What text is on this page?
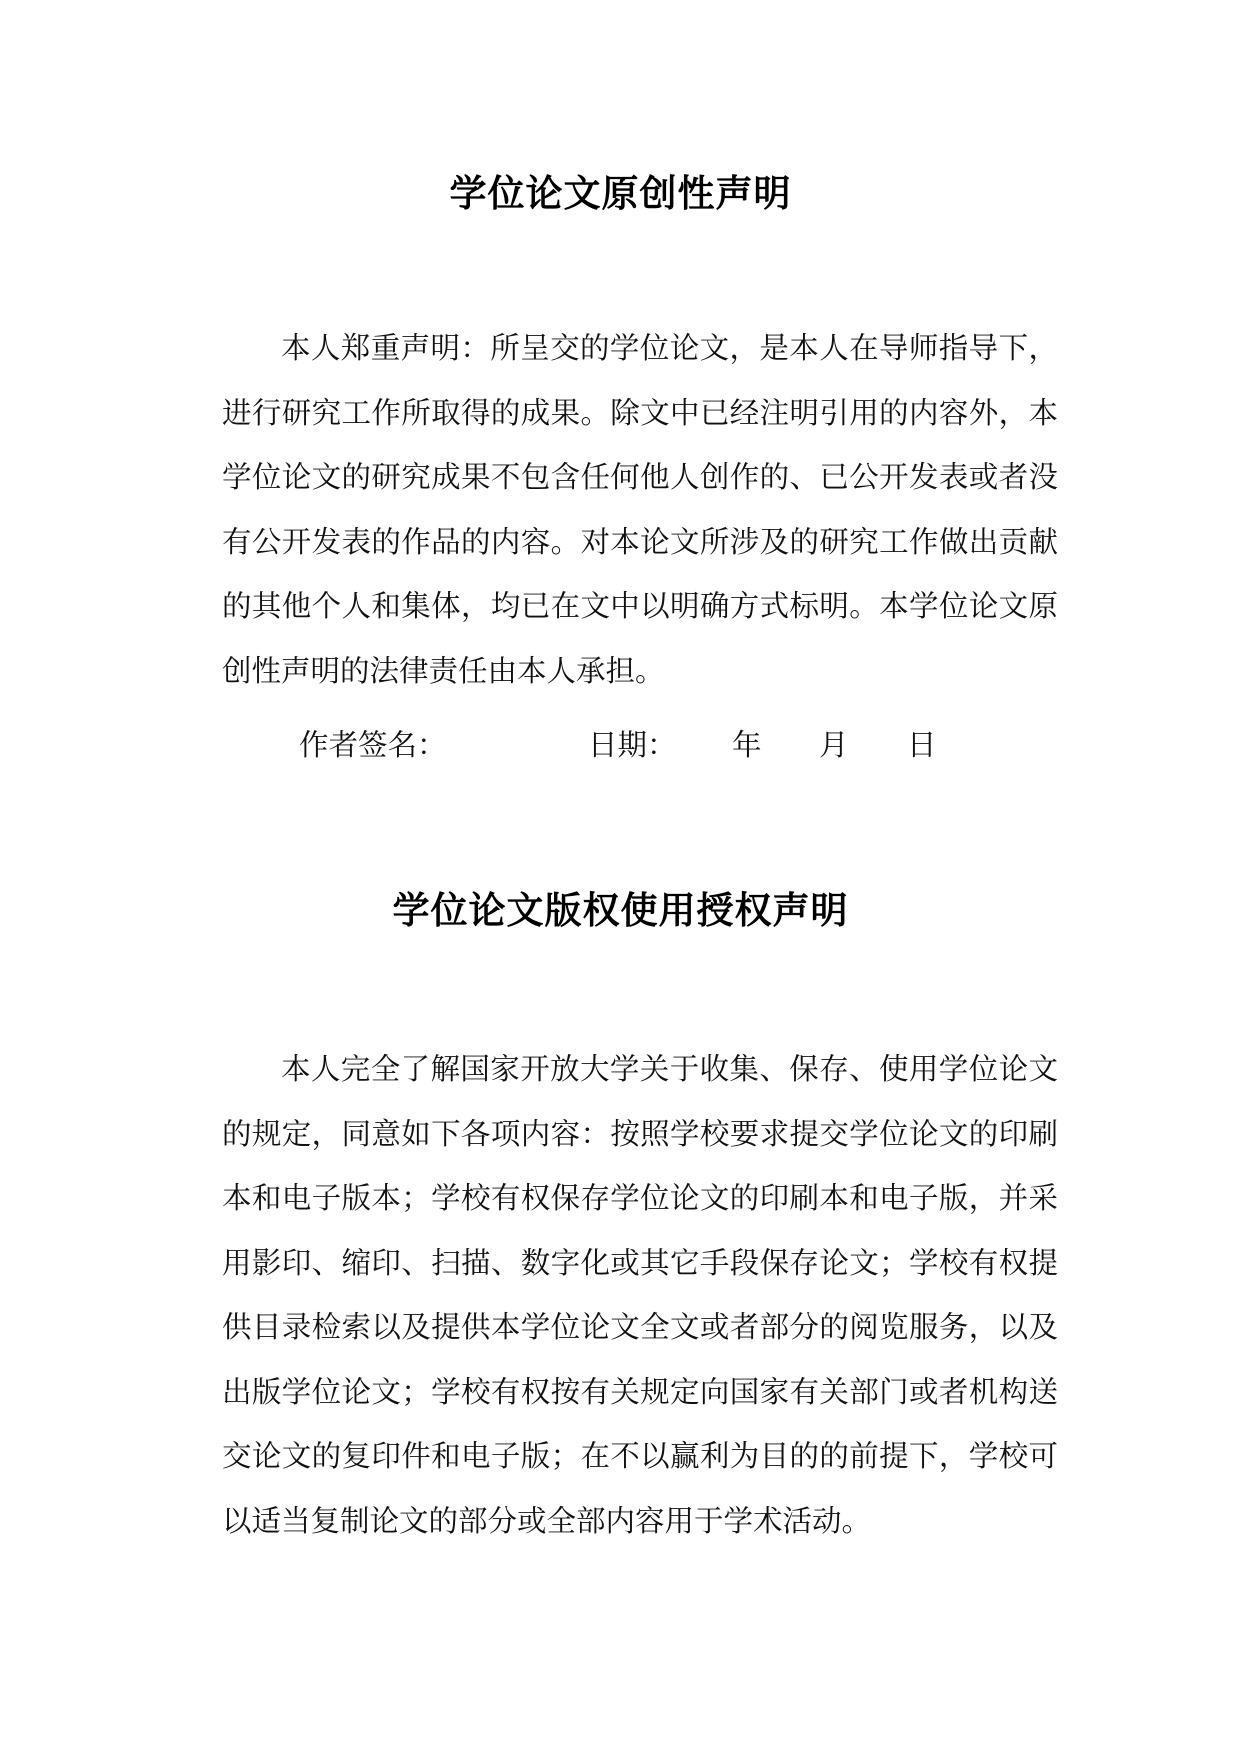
学位论文原创性声明

本人郑重声明：所呈交的学位论文，是本人在导师指导下，进行研究工作所取得的成果。除文中已经注明引用的内容外，本学位论文的研究成果不包含任何他人创作的、已公开发表或者没有公开发表的作品的内容。对本论文所涉及的研究工作做出贡献的其他个人和集体，均已在文中以明确方式标明。本学位论文原创性声明的法律责任由本人承担。

作者签名：	日期： 年 月 日
学位论文版权使用授权声明

本人完全了解国家开放大学关于收集、保存、使用学位论文的规定，同意如下各项内容：按照学校要求提交学位论文的印刷本和电子版本；学校有权保存学位论文的印刷本和电子版，并采用影印、缩印、扫描、数字化或其它手段保存论文；学校有权提供目录检索以及提供本学位论文全文或者部分的阅览服务，以及出版学位论文；学校有权按有关规定向国家有关部门或者机构送交论文的复印件和电子版；在不以赢利为目的的前提下，学校可以适当复制论文的部分或全部内容用于学术活动。
